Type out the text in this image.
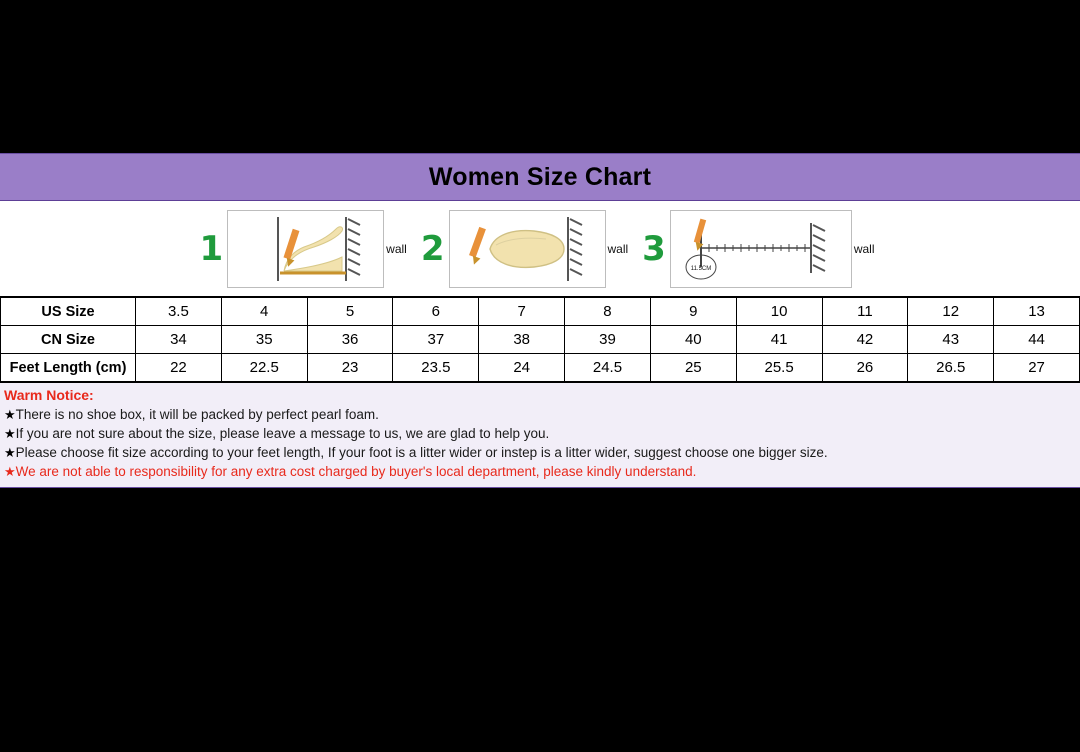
Women Size Chart
1	wall 2	wall 3	11.5CM
wall
US Size	3.5	4	5	6	7	8	9	10	11	12	13
CN Size	34	35	36	37	38	39	40	41	42	43	44
Feet Length (cm)	22	22.5	23	23.5	24	24.5	25	25.5	26	26.5	27
Warm Notice:
★There is no shoe box, it will be packed by perfect pearl foam.
★If you are not sure about the size, please leave a message to us, we are glad to help you.
★Please choose fit size according to your feet length, If your foot is a litter wider or instep is a litter wider, suggest choose one bigger size.
★We are not able to responsibility for any extra cost charged by buyer's local department, please kindly understand.
